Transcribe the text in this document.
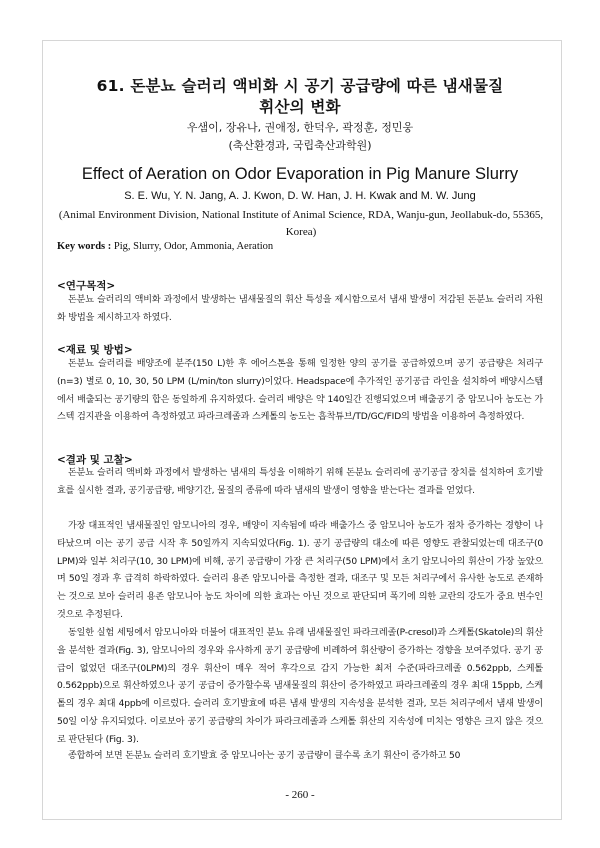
61. 돈분뇨 슬러리 액비화 시 공기 공급량에 따른 냄새물질
휘산의 변화
우샘이, 장유나, 권애정, 한덕우, 곽정훈, 정민웅
(축산환경과, 국립축산과학원)
Effect of Aeration on Odor Evaporation in Pig Manure Slurry
S. E. Wu, Y. N. Jang, A. J. Kwon, D. W. Han, J. H. Kwak and M. W. Jung
(Animal Environment Division, National Institute of Animal Science, RDA, Wanju-gun, Jeollabuk-do, 55365, Korea)
Key words : Pig, Slurry, Odor, Ammonia, Aeration
<연구목적>

돈분뇨 슬러리의 액비화 과정에서 발생하는 냄새물질의 휘산 특성을 제시함으로서 냄새 발생이 저감된 돈분뇨 슬러리 자원화 방법을 제시하고자 하였다.

<재료 및 방법>

돈분뇨 슬러리를 배양조에 분주(150 L)한 후 에어스톤을 통해 일정한 양의 공기를 공급하였으며 공기 공급량은 처리구(n=3) 별로 0, 10, 30, 50 LPM (L/min/ton slurry)이었다. Headspace에 추가적인 공기공급 라인을 설치하여 배양시스템에서 배출되는 공기량의 합은 동일하게 유지하였다. 슬러리 배양은 약 140일간 진행되었으며 배출공기 중 암모니아 농도는 가스텍 검지관을 이용하여 측정하였고 파라크레졸과 스케톨의 농도는 흡착튜브/TD/GC/FID의 방법을 이용하여 측정하였다.

<결과 및 고찰>

돈분뇨 슬러리 액비화 과정에서 발생하는 냄새의 특성을 이해하기 위해 돈분뇨 슬러리에 공기공급 장치를 설치하여 호기발효를 실시한 결과, 공기공급량, 배양기간, 물질의 종류에 따라 냄새의 발생이 영향을 받는다는 결과를 얻었다.

가장 대표적인 냄새물질인 암모니아의 경우, 배양이 지속됨에 따라 배출가스 중 암모니아 농도가 점차 증가하는 경향이 나타났으며 이는 공기 공급 시작 후 50일까지 지속되었다(Fig. 1). 공기 공급량의 대소에 따른 영향도 관찰되었는데 대조구(0 LPM)와 일부 처리구(10, 30 LPM)에 비해, 공기 공급량이 가장 큰 처리구(50 LPM)에서 초기 암모니아의 휘산이 가장 높았으며 50일 경과 후 급격히 하락하였다. 슬러리 용존 암모니아를 측정한 결과, 대조구 및 모든 처리구에서 유사한 농도로 존재하는 것으로 보아 슬러리 용존 암모니아 농도 차이에 의한 효과는 아닌 것으로 판단되며 폭기에 의한 교란의 강도가 중요 변수인 것으로 추정된다.

동일한 실험 세팅에서 암모니아와 더불어 대표적인 분뇨 유래 냄새물질인 파라크레졸(P-cresol)과 스케톨(Skatole)의 휘산을 분석한 결과(Fig. 3), 암모니아의 경우와 유사하게 공기 공급량에 비례하여 휘산량이 증가하는 경향을 보여주었다. 공기 공급이 없었던 대조구(0LPM)의 경우 휘산이 매우 적어 후각으로 감지 가능한 최저 수준(파라크레졸 0.562ppb, 스케톨 0.562ppb)으로 휘산하였으나 공기 공급이 증가할수록 냄새물질의 휘산이 증가하였고 파라크레졸의 경우 최대 15ppb, 스케톨의 경우 최대 4ppb에 이르렀다. 슬러리 호기발효에 따른 냄새 발생의 지속성을 분석한 결과, 모든 처리구에서 냄새 발생이 50일 이상 유지되었다. 이로보아 공기 공급량의 차이가 파라크레졸과 스케톨 휘산의 지속성에 미치는 영향은 크지 않은 것으로 판단된다 (Fig. 3).

종합하여 보면 돈분뇨 슬러리 호기발효 중 암모니아는 공기 공급량이 클수록 초기 휘산이 증가하고 50

- 260 -
